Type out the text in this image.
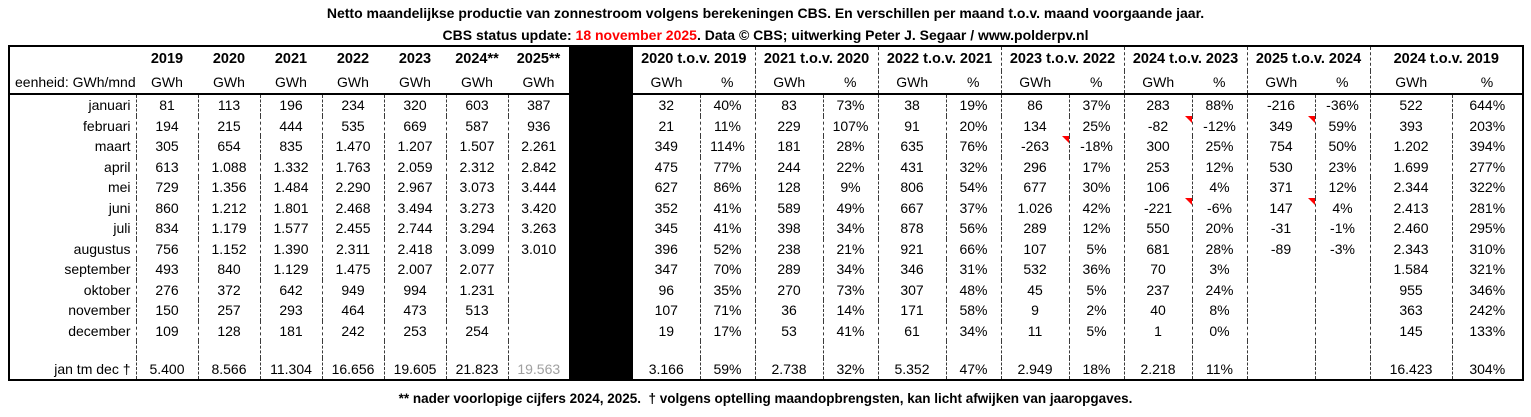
Netto maandelijkse productie van zonnestroom volgens berekeningen CBS. En verschillen per maand t.o.v. maand voorgaande jaar.
CBS status update: 18 november 2025. Data © CBS; uitwerking Peter J. Segaar / www.polderpv.nl
	2019	2020	2021	2022	2023	2024**	2025**		2020 t.o.v. 2019		2021 t.o.v. 2020		2022 t.o.v. 2021		2023 t.o.v. 2022		2024 t.o.v. 2023		2025 t.o.v. 2024		2024 t.o.v. 2019	
eenheid: GWh/mnd	GWh	GWh	GWh	GWh	GWh	GWh	GWh		GWh	%	GWh	%	GWh	%	GWh	%	GWh	%	GWh	%	GWh	%
januari	81	113	196	234	320	603	387		32	40%	83	73%	38	19%	86	37%	283	88%	-216	-36%	522	644%
februari	194	215	444	535	669	587	936		21	11%	229	107%	91	20%	134	25%	-82	-12%	349	59%	393	203%
maart	305	654	835	1.470	1.207	1.507	2.261		349	114%	181	28%	635	76%	-263	-18%	300	25%	754	50%	1.202	394%
april	613	1.088	1.332	1.763	2.059	2.312	2.842		475	77%	244	22%	431	32%	296	17%	253	12%	530	23%	1.699	277%
mei	729	1.356	1.484	2.290	2.967	3.073	3.444		627	86%	128	9%	806	54%	677	30%	106	4%	371	12%	2.344	322%
juni	860	1.212	1.801	2.468	3.494	3.273	3.420		352	41%	589	49%	667	37%	1.026	42%	-221	-6%	147	4%	2.413	281%
juli	834	1.179	1.577	2.455	2.744	3.294	3.263		345	41%	398	34%	878	56%	289	12%	550	20%	-31	-1%	2.460	295%
augustus	756	1.152	1.390	2.311	2.418	3.099	3.010		396	52%	238	21%	921	66%	107	5%	681	28%	-89	-3%	2.343	310%
september	493	840	1.129	1.475	2.007	2.077			347	70%	289	34%	346	31%	532	36%	70	3%			1.584	321%
oktober	276	372	642	949	994	1.231			96	35%	270	73%	307	48%	45	5%	237	24%			955	346%
november	150	257	293	464	473	513			107	71%	36	14%	171	58%	9	2%	40	8%			363	242%
december	109	128	181	242	253	254			19	17%	53	41%	61	34%	11	5%	1	0%			145	133%

jan tm dec †	5.400	8.566	11.304	16.656	19.605	21.823	19.563		3.166	59%	2.738	32%	5.352	47%	2.949	18%	2.218	11%			16.423	304%
** nader voorlopige cijfers 2024, 2025.  † volgens optelling maandopbrengsten, kan licht afwijken van jaaropgaves.
